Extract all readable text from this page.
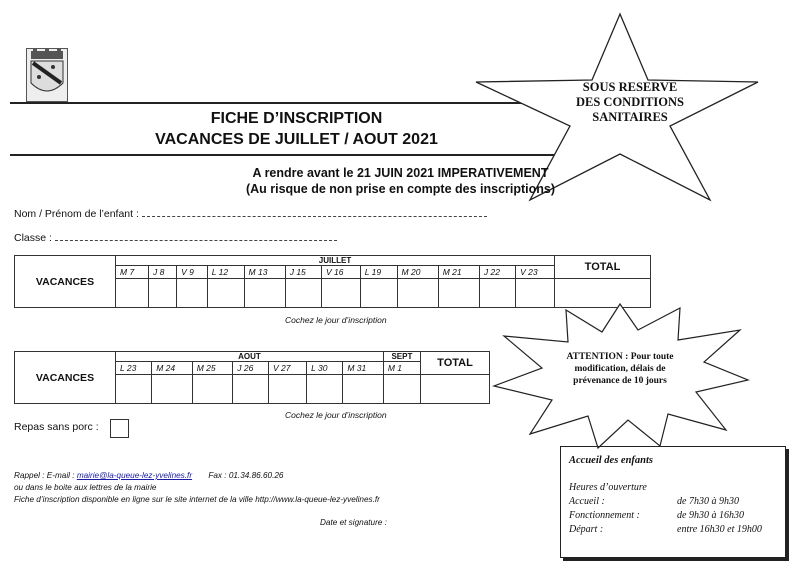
FICHE D’INSCRIPTION
VACANCES DE JUILLET / AOUT 2021
SOUS RESERVE
DES CONDITIONS
SANITAIRES
A rendre avant le 21 JUIN 2021 IMPERATIVEMENT
(Au risque de non prise en compte des inscriptions)
Nom / Prénom de l’enfant :
Classe :
VACANCES	JUILLET												TOTAL
	M 7	J 8	V 9	L 12	M 13	J 15	V 16	L 19	M 20	M 21	J 22	V 23	

Cochez le jour d’inscription
VACANCES	AOUT							SEPT	TOTAL
	L 23	M 24	M 25	J 26	V 27	L 30	M 31	M 1	

Cochez le jour d’inscription
ATTENTION : Pour toute
modification, délais de
prévenance de 10 jours
Repas sans porc :
Rappel : E-mail : mairie@la-queue-lez-yvelines.fr Fax : 01.34.86.60.26
ou dans le boite aux lettres de la mairie
Fiche d’inscription disponible en ligne sur le site internet de la ville http://www.la-queue-lez-yvelines.fr
Date et signature :
Accueil des enfants
Heures d’ouverture
Accueil :	de 7h30 à 9h30
Fonctionnement :	de 9h30 à 16h30
Départ :	entre 16h30 et 19h00
